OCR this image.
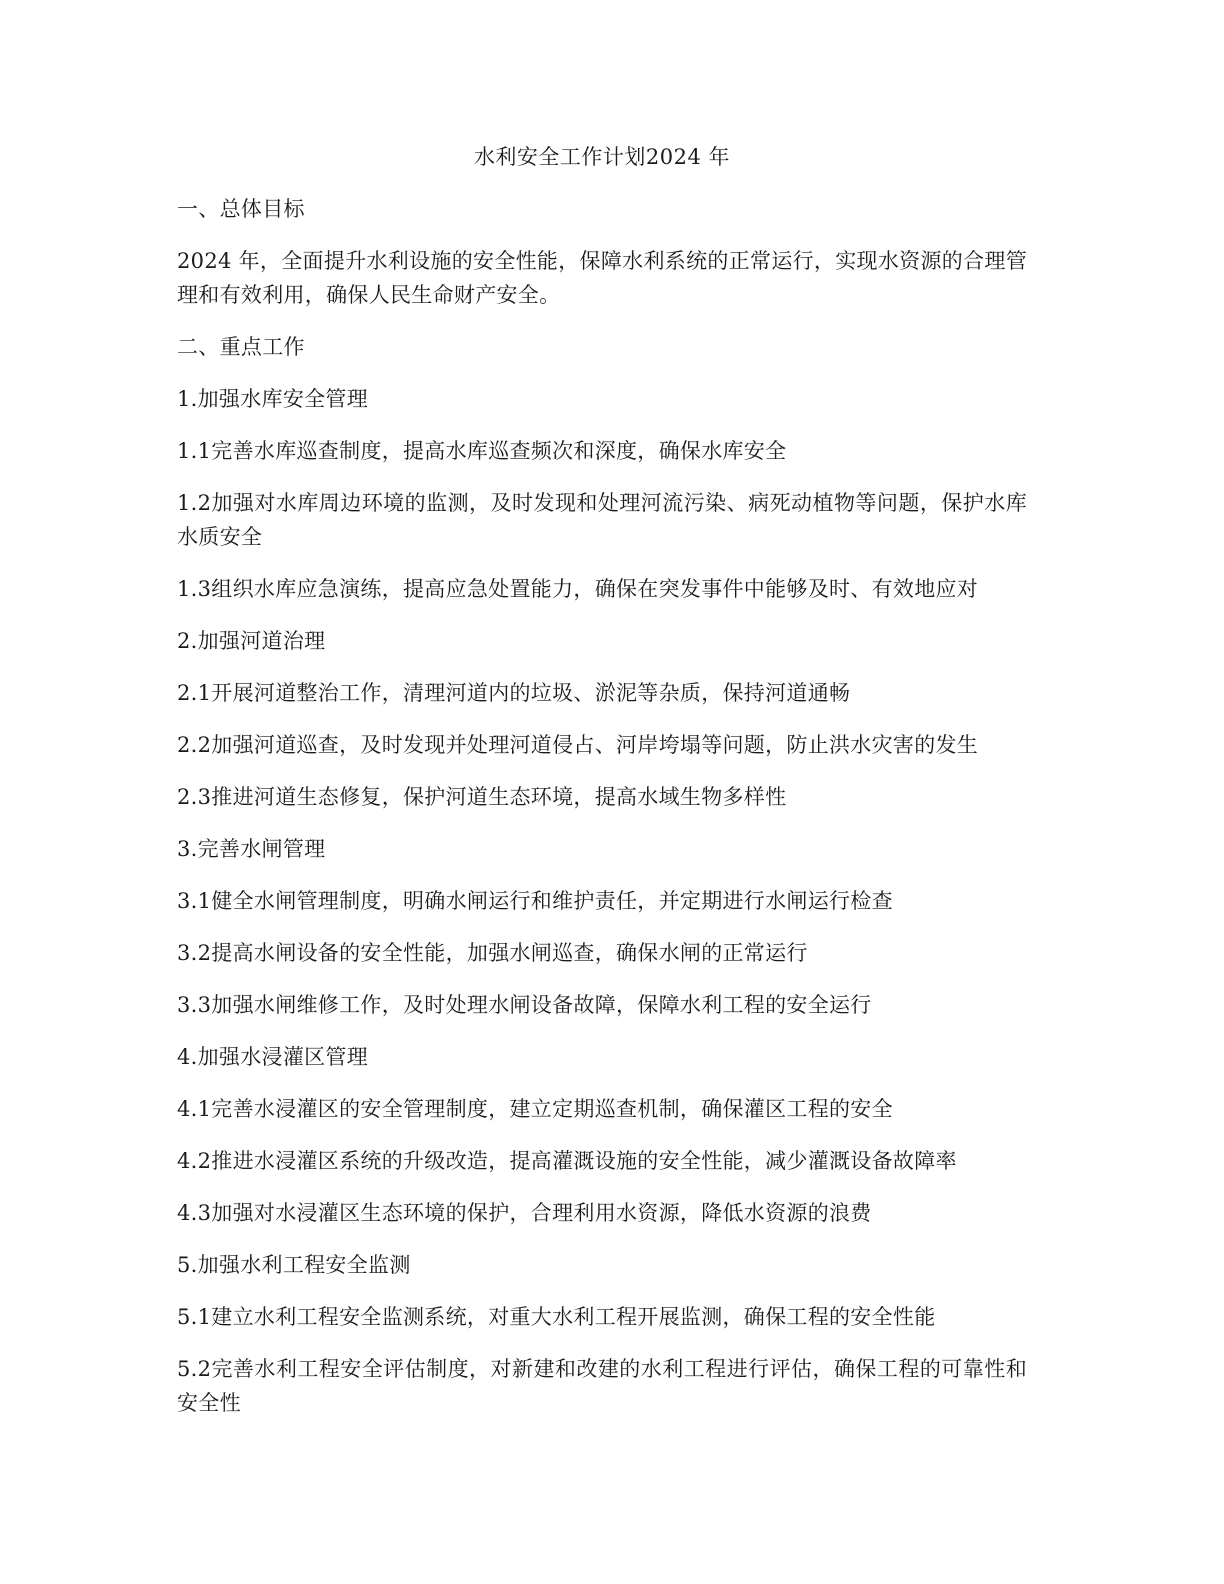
水利安全工作计划2024 年

一、总体目标

2024 年，全面提升水利设施的安全性能，保障水利系统的正常运行，实现水资源的合理管理和有效利用，确保人民生命财产安全。

二、重点工作

1.加强水库安全管理

1.1完善水库巡查制度，提高水库巡查频次和深度，确保水库安全

1.2加强对水库周边环境的监测，及时发现和处理河流污染、病死动植物等问题，保护水库水质安全

1.3组织水库应急演练，提高应急处置能力，确保在突发事件中能够及时、有效地应对

2.加强河道治理

2.1开展河道整治工作，清理河道内的垃圾、淤泥等杂质，保持河道通畅

2.2加强河道巡查，及时发现并处理河道侵占、河岸垮塌等问题，防止洪水灾害的发生

2.3推进河道生态修复，保护河道生态环境，提高水域生物多样性

3.完善水闸管理

3.1健全水闸管理制度，明确水闸运行和维护责任，并定期进行水闸运行检查

3.2提高水闸设备的安全性能，加强水闸巡查，确保水闸的正常运行

3.3加强水闸维修工作，及时处理水闸设备故障，保障水利工程的安全运行

4.加强水浸灌区管理

4.1完善水浸灌区的安全管理制度，建立定期巡查机制，确保灌区工程的安全

4.2推进水浸灌区系统的升级改造，提高灌溉设施的安全性能，减少灌溉设备故障率

4.3加强对水浸灌区生态环境的保护，合理利用水资源，降低水资源的浪费

5.加强水利工程安全监测

5.1建立水利工程安全监测系统，对重大水利工程开展监测，确保工程的安全性能

5.2完善水利工程安全评估制度，对新建和改建的水利工程进行评估，确保工程的可靠性和安全性
